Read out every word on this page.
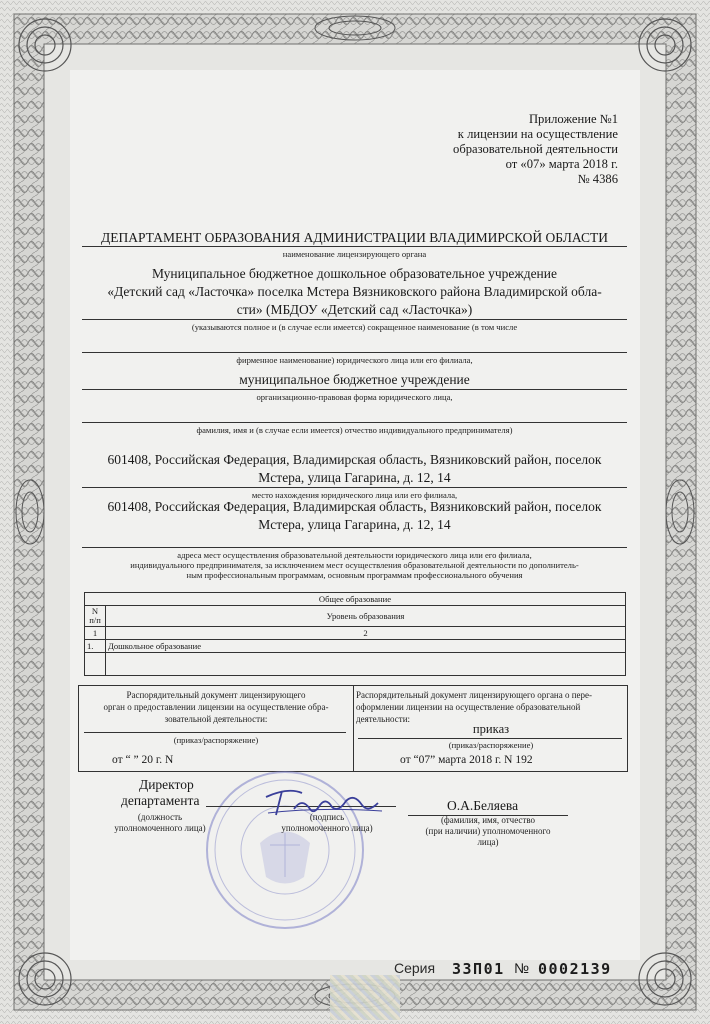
Приложение №1
к лицензии на осуществление
образовательной деятельности
от «07» марта 2018 г.
№ 4386
ДЕПАРТАМЕНТ ОБРАЗОВАНИЯ АДМИНИСТРАЦИИ ВЛАДИМИРСКОЙ ОБЛАСТИ
наименование лицензирующего органа
Муниципальное бюджетное дошкольное образовательное учреждение
«Детский сад «Ласточка» поселка Мстера Вязниковского района Владимирской обла-
сти» (МБДОУ «Детский сад «Ласточка»)
(указываются полное и (в случае если имеется) сокращенное наименование (в том числе
фирменное наименование) юридического лица или его филиала,
муниципальное бюджетное учреждение
организационно-правовая форма юридического лица,
фамилия, имя и (в случае если имеется) отчество индивидуального предпринимателя)
601408, Российская Федерация, Владимирская область, Вязниковский район, поселок
Мстера, улица Гагарина, д. 12, 14
место нахождения юридического лица или его филиала,
601408, Российская Федерация, Владимирская область, Вязниковский район, поселок
Мстера, улица Гагарина, д. 12, 14
адреса мест осуществления образовательной деятельности юридического лица или его филиала,
индивидуального предпринимателя, за исключением мест осуществления образовательной деятельности по дополнитель-
ным профессиональным программам, основным программам профессионального обучения
Общее образование	
N
п/п	Уровень образования
1	2
1.	Дошкольное образование

Распорядительный документ лицензирующего
орган о предоставлении лицензии на осуществление обра-
зовательной деятельности:
(приказ/распоряжение)
от “ ” 20 г. N
Распорядительный документ лицензирующего органа о пере-
оформлении лицензии на осуществление образовательной
деятельности:
приказ
(приказ/распоряжение)
от “07” марта 2018 г. N 192
Директор
департамента
(должность
уполномоченного лица)
(подпись
уполномоченного лица)
О.А.Беляева
(фамилия, имя, отчество
(при наличии) уполномоченного
лица)
Серия 33П01 № 0002139
